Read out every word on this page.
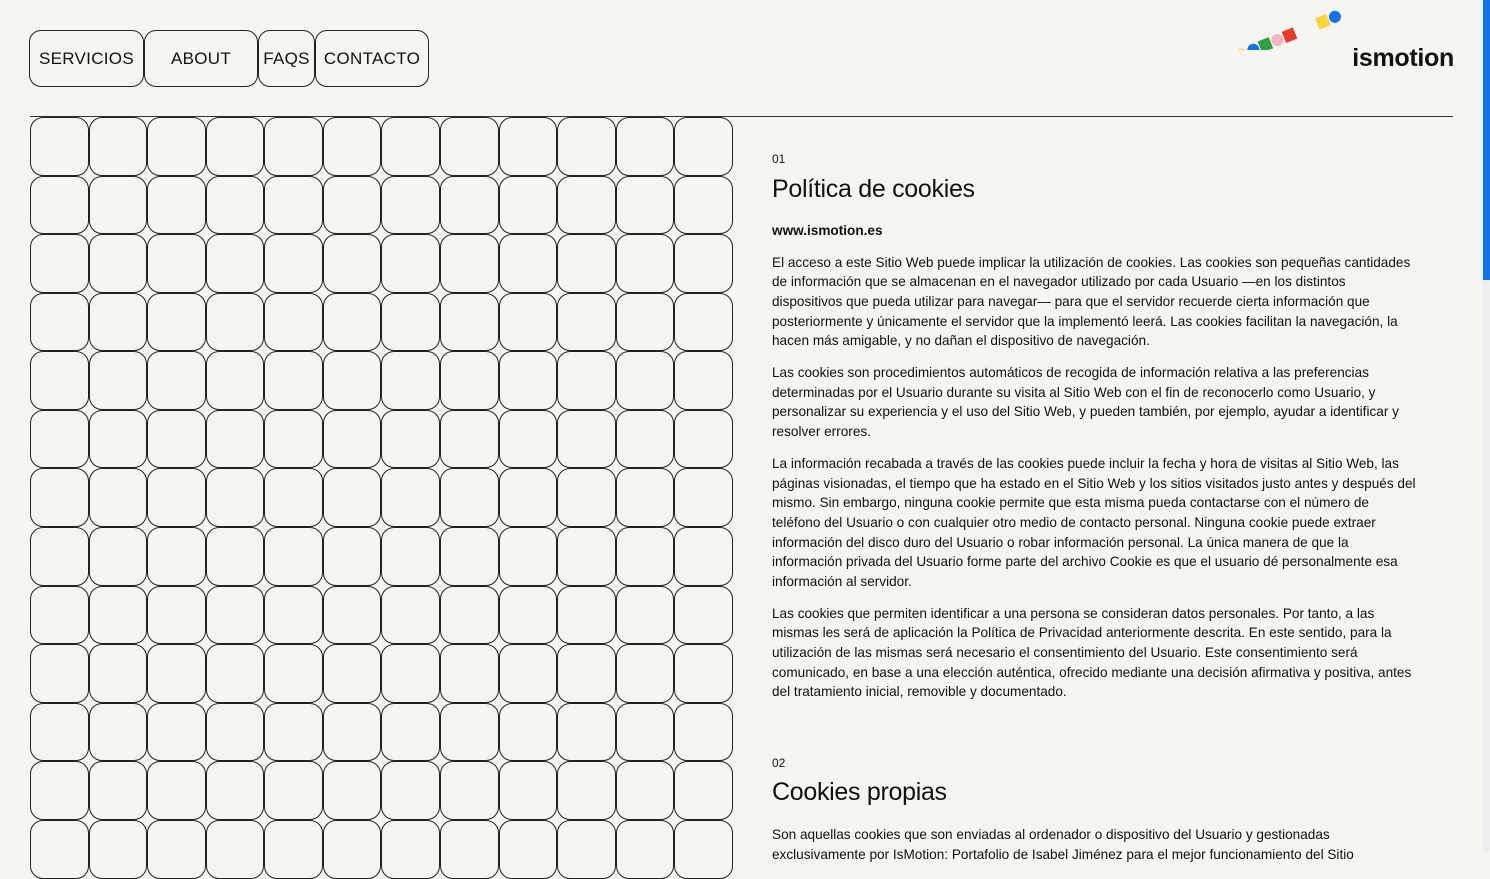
SERVICIOS	ABOUT	FAQS CONTACTO	ismotion
01
Política de cookies
www.ismotion.es

El acceso a este Sitio Web puede implicar la utilización de cookies. Las cookies son pequeñas cantidades de información que se almacenan en el navegador utilizado por cada Usuario —en los distintos dispositivos que pueda utilizar para navegar— para que el servidor recuerde cierta información que posteriormente y únicamente el servidor que la implementó leerá. Las cookies facilitan la navegación, la hacen más amigable, y no dañan el dispositivo de navegación.

Las cookies son procedimientos automáticos de recogida de información relativa a las preferencias determinadas por el Usuario durante su visita al Sitio Web con el fin de reconocerlo como Usuario, y personalizar su experiencia y el uso del Sitio Web, y pueden también, por ejemplo, ayudar a identificar y resolver errores.

La información recabada a través de las cookies puede incluir la fecha y hora de visitas al Sitio Web, las páginas visionadas, el tiempo que ha estado en el Sitio Web y los sitios visitados justo antes y después del mismo. Sin embargo, ninguna cookie permite que esta misma pueda contactarse con el número de teléfono del Usuario o con cualquier otro medio de contacto personal. Ninguna cookie puede extraer información del disco duro del Usuario o robar información personal. La única manera de que la información privada del Usuario forme parte del archivo Cookie es que el usuario dé personalmente esa información al servidor.

Las cookies que permiten identificar a una persona se consideran datos personales. Por tanto, a las mismas les será de aplicación la Política de Privacidad anteriormente descrita. En este sentido, para la utilización de las mismas será necesario el consentimiento del Usuario. Este consentimiento será comunicado, en base a una elección auténtica, ofrecido mediante una decisión afirmativa y positiva, antes del tratamiento inicial, removible y documentado.

02
Cookies propias

Son aquellas cookies que son enviadas al ordenador o dispositivo del Usuario y gestionadas exclusivamente por IsMotion: Portafolio de Isabel Jiménez para el mejor funcionamiento del Sitio
